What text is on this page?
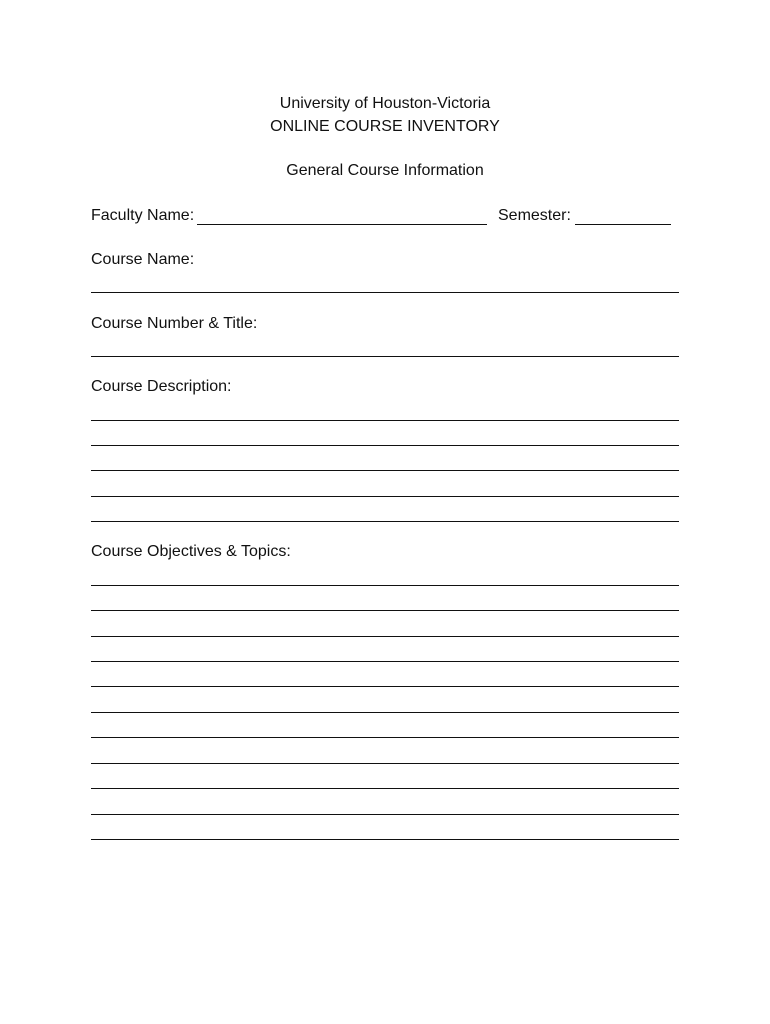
University of Houston-Victoria
ONLINE COURSE INVENTORY
General Course Information
Faculty Name:	Semester:
Course Name:
Course Number & Title:
Course Description:
Course Objectives & Topics:
